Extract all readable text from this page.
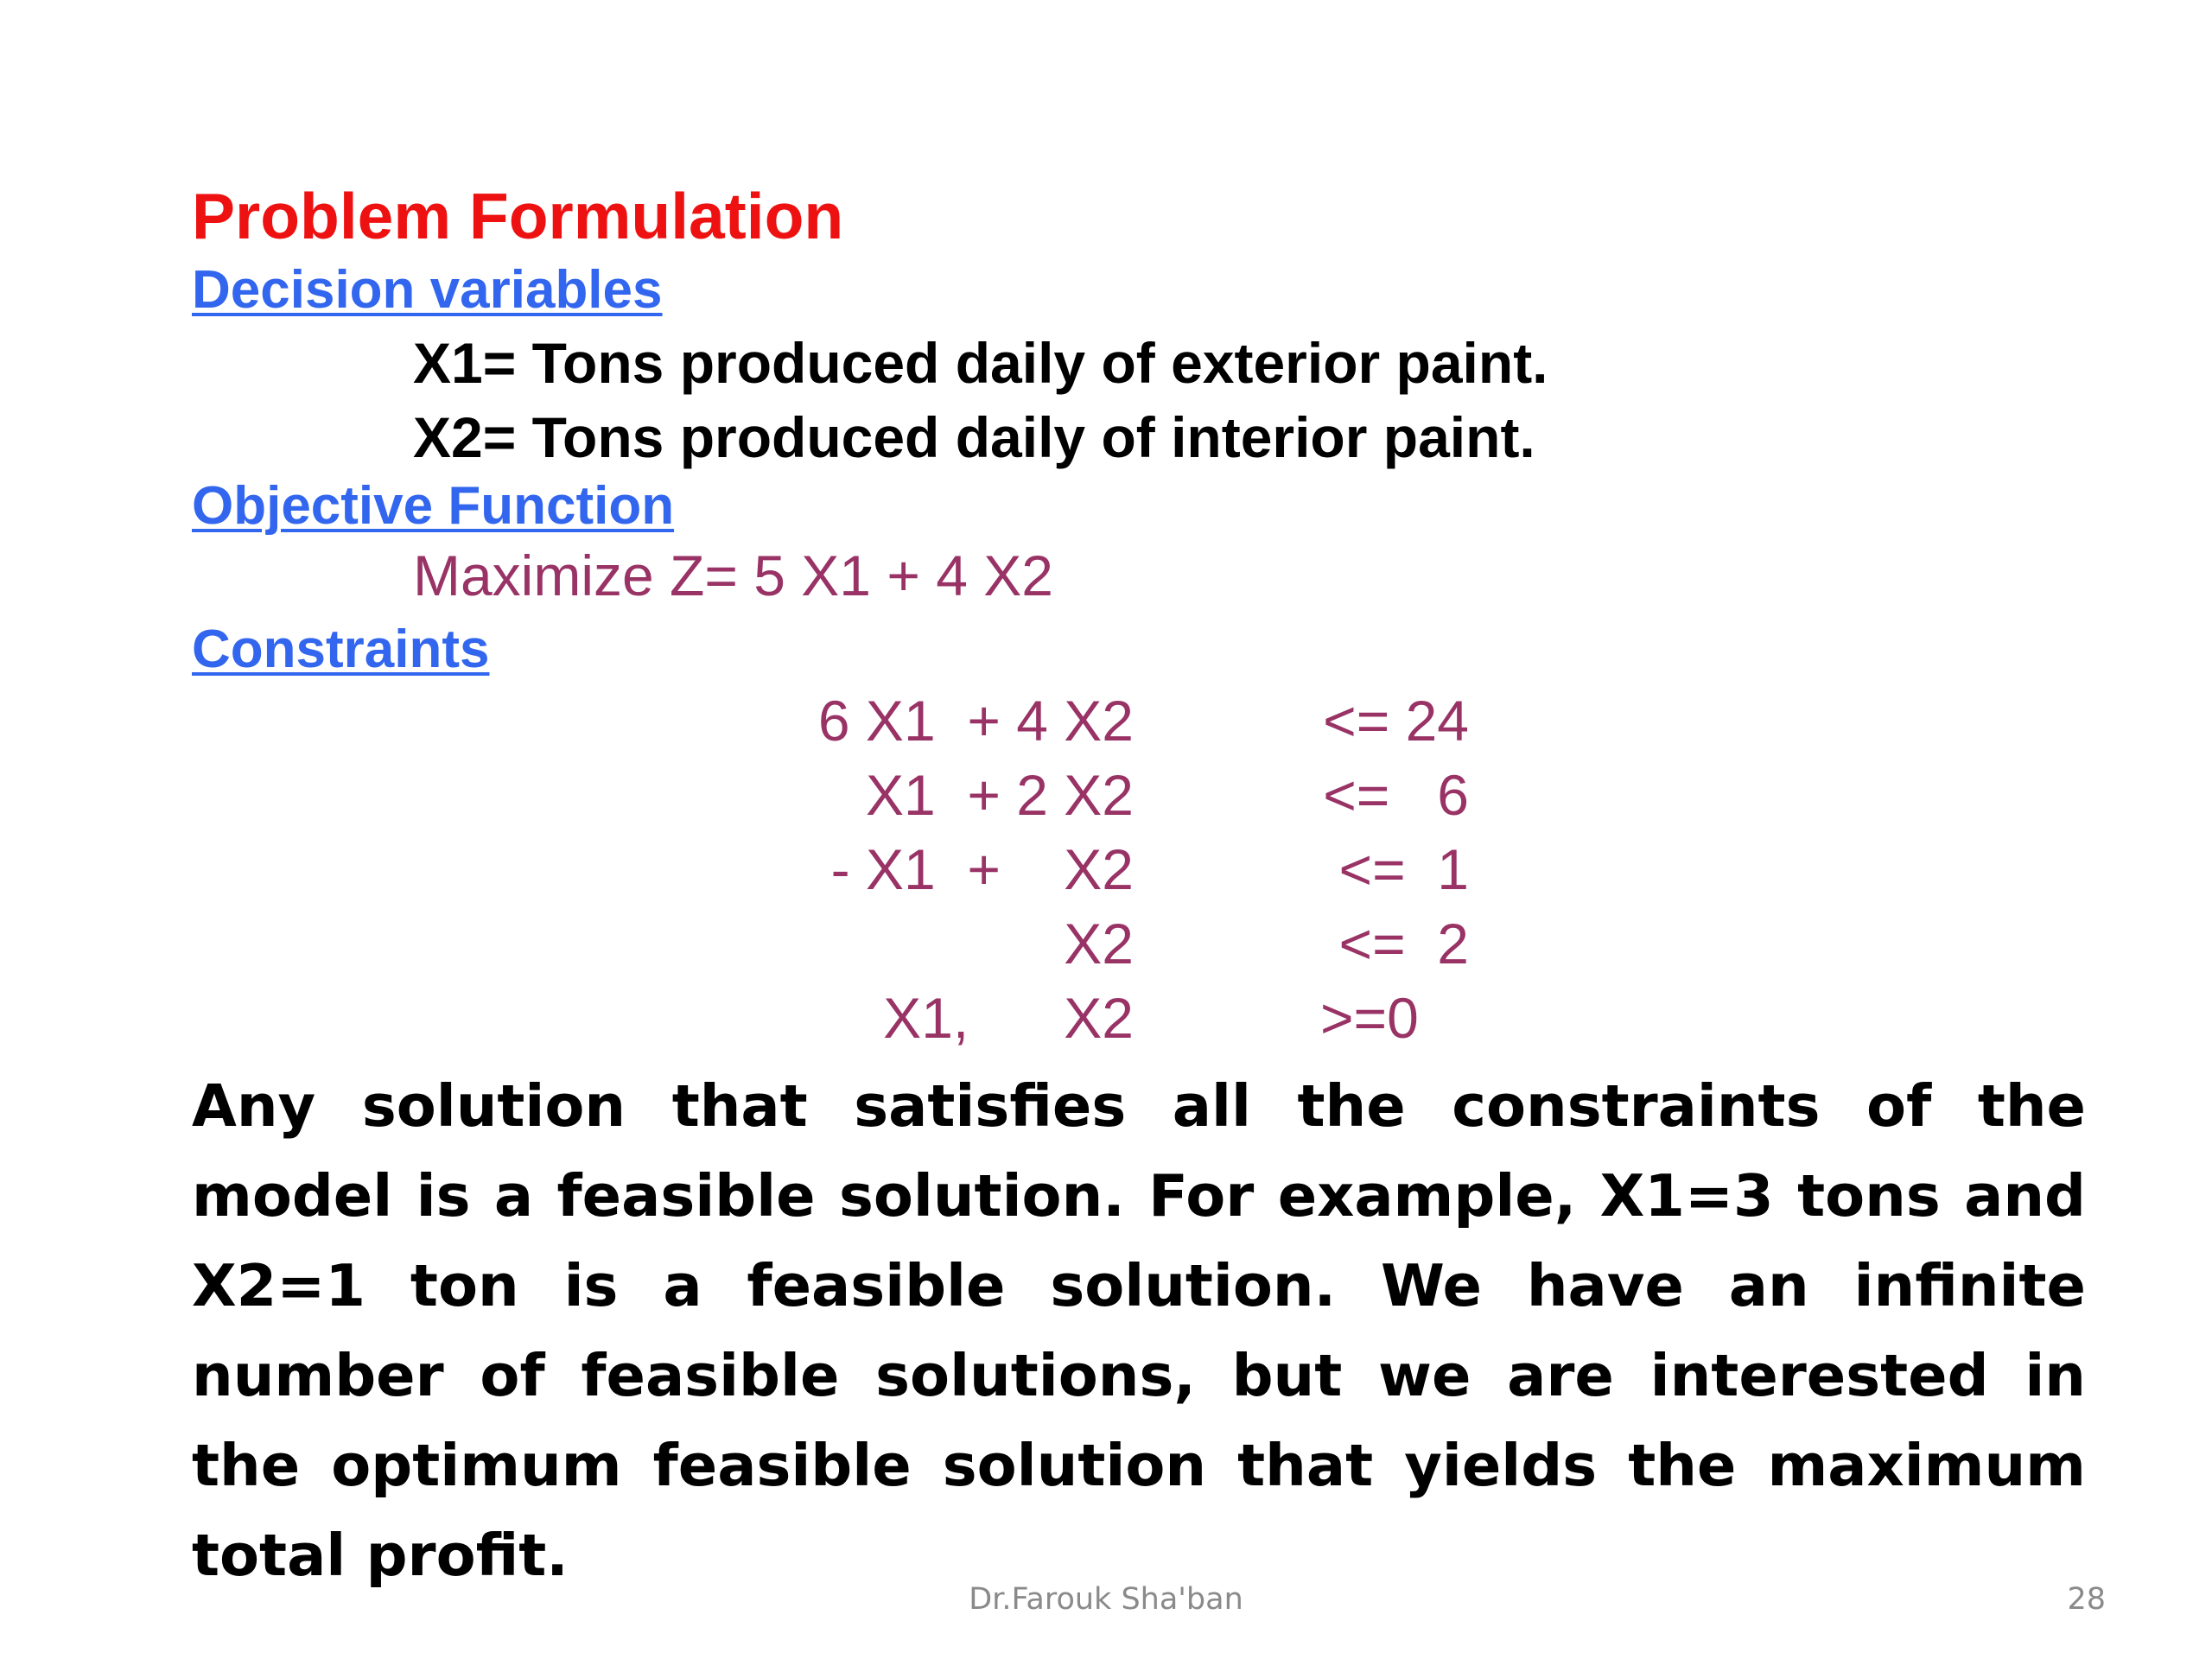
Problem Formulation
Decision variables
X1= Tons produced daily of exterior paint.
X2= Tons produced daily of interior paint.
Objective Function
Maximize Z= 5 X1 + 4 X2
Constraints
6 X1  + 4 X2	<= 24
X1  + 2 X2	<=   6
- X1  +    X2	<=  1
X2	<=  2
X1,      X2	>=0

Any solution that satisfies all the constraints of the model is a feasible solution. For example, X1=3 tons and X2=1 ton is a feasible solution. We have an infinite number of feasible solutions, but we are interested in the optimum feasible solution that yields the maximum total profit.

Dr.Farouk Sha'ban	28
